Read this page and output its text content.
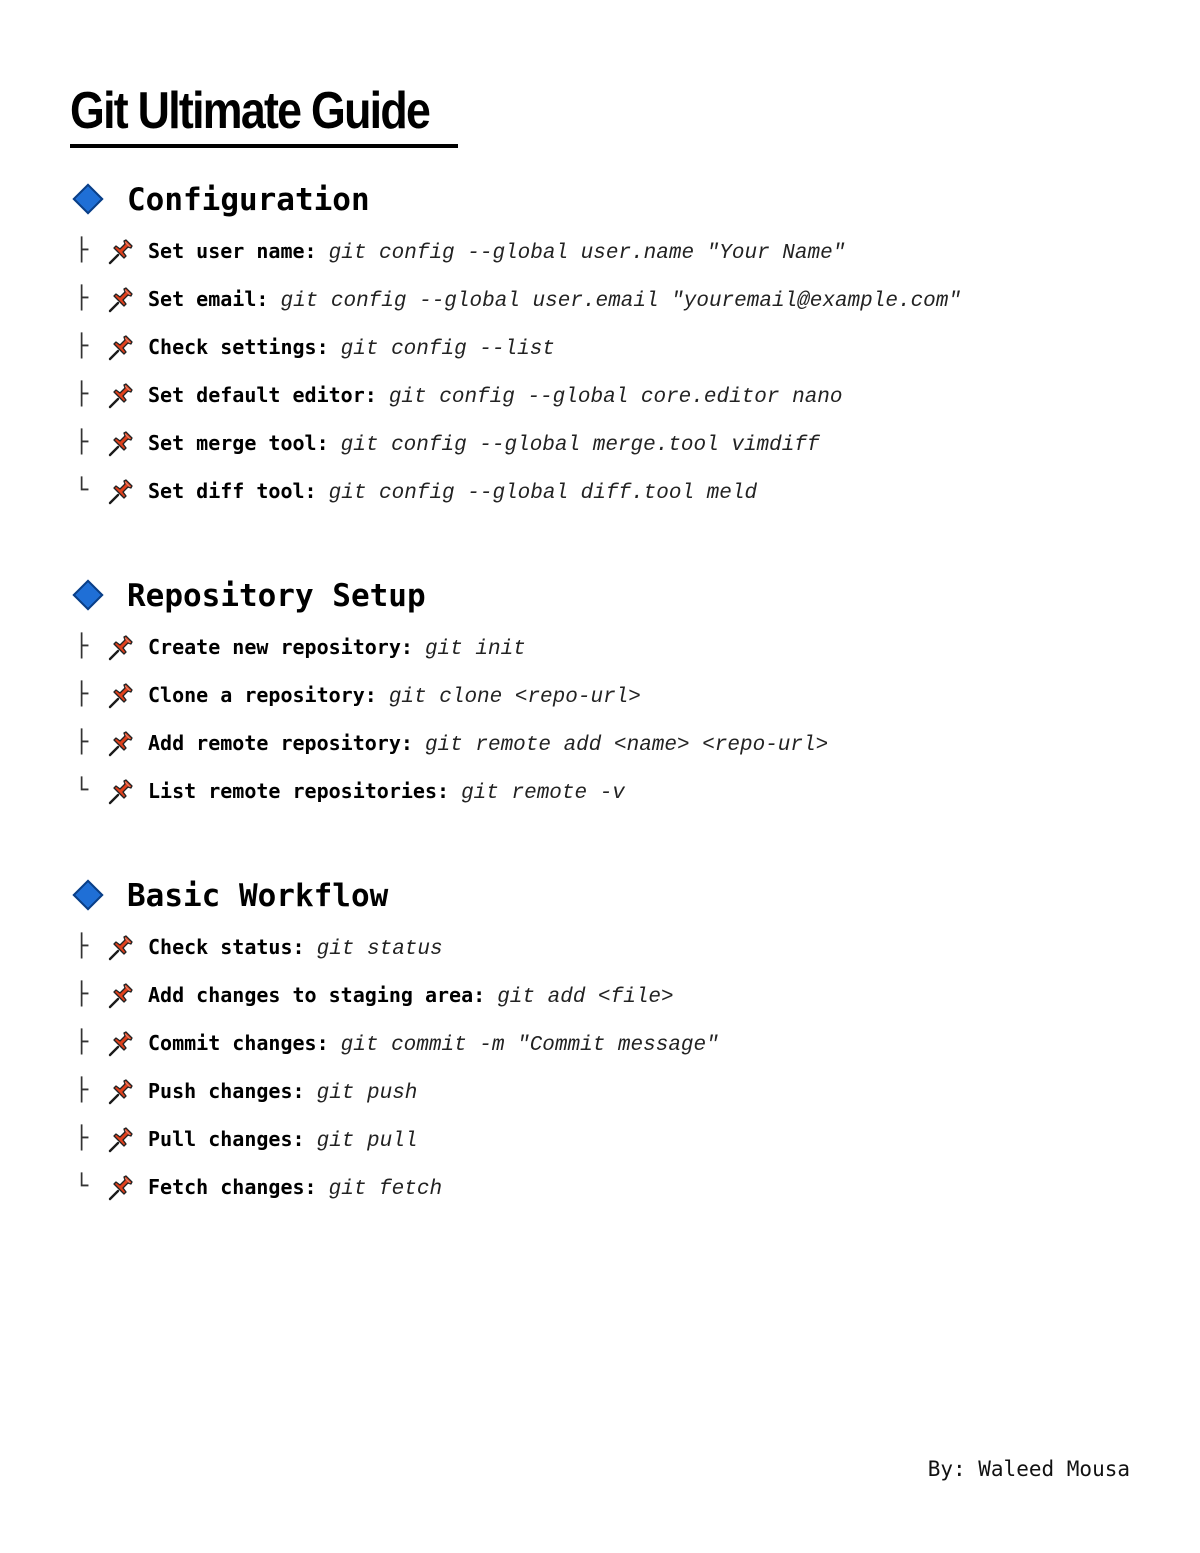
Git Ultimate Guide
Configuration
├	Set user name: git config --global user.name "Your Name"
├	Set email: git config --global user.email "youremail@example.com"
├	Check settings: git config --list
├	Set default editor: git config --global core.editor nano
├	Set merge tool: git config --global merge.tool vimdiff
└	Set diff tool: git config --global diff.tool meld
Repository Setup
├	Create new repository: git init
├	Clone a repository: git clone <repo-url>
├	Add remote repository: git remote add <name> <repo-url>
└	List remote repositories: git remote -v
Basic Workflow
├	Check status: git status
├	Add changes to staging area: git add <file>
├	Commit changes: git commit -m "Commit message"
├	Push changes: git push
├	Pull changes: git pull
└	Fetch changes: git fetch
By: Waleed Mousa
